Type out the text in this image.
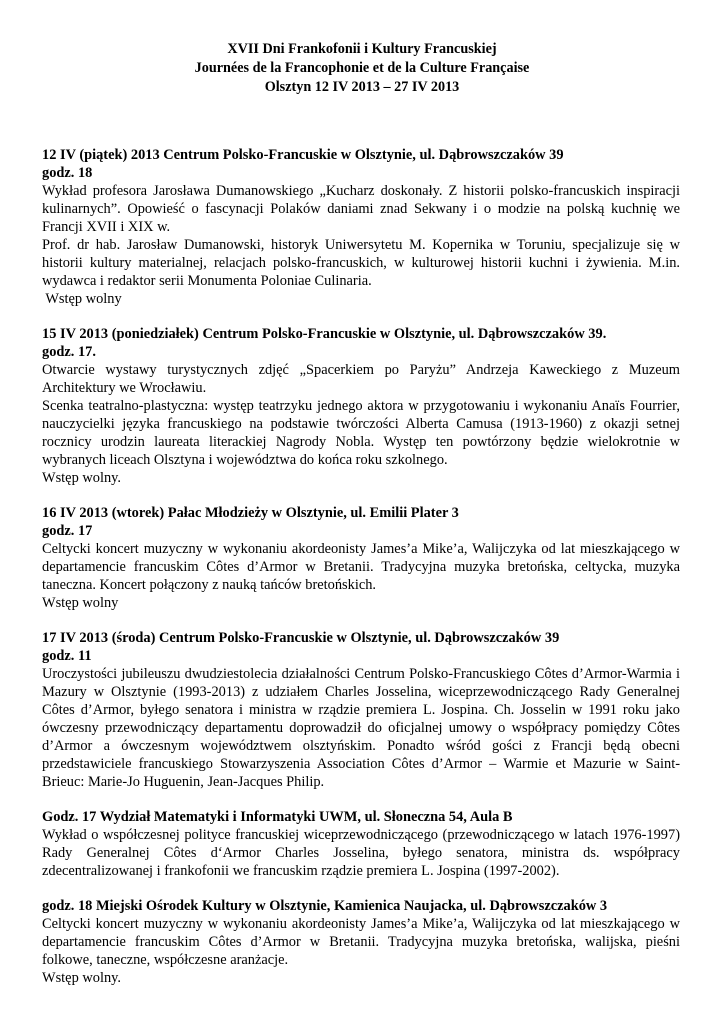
XVII Dni Frankofonii i Kultury Francuskiej
Journées de la Francophonie et de la Culture Française
Olsztyn 12 IV 2013 – 27 IV 2013
12 IV (piątek) 2013 Centrum Polsko-Francuskie w Olsztynie, ul. Dąbrowszczaków 39
godz. 18
Wykład profesora Jarosława Dumanowskiego „Kucharz doskonały. Z historii polsko-francuskich inspiracji kulinarnych”. Opowieść o fascynacji Polaków daniami znad Sekwany i o modzie na polską kuchnię we Francji XVII i XIX w.
Prof. dr hab. Jarosław Dumanowski, historyk Uniwersytetu M. Kopernika w Toruniu, specjalizuje się w historii kultury materialnej, relacjach polsko-francuskich, w kulturowej historii kuchni i żywienia. M.in. wydawca i redaktor serii Monumenta Poloniae Culinaria.
Wstęp wolny
15 IV 2013 (poniedziałek) Centrum Polsko-Francuskie w Olsztynie, ul. Dąbrowszczaków 39.
godz. 17.
Otwarcie wystawy turystycznych zdjęć „Spacerkiem po Paryżu” Andrzeja Kaweckiego z Muzeum Architektury we Wrocławiu.
Scenka teatralno-plastyczna: występ teatrzyku jednego aktora w przygotowaniu i wykonaniu Anaïs Fourrier, nauczycielki języka francuskiego na podstawie twórczości Alberta Camusa (1913-1960) z okazji setnej rocznicy urodzin laureata literackiej Nagrody Nobla. Występ ten powtórzony będzie wielokrotnie w wybranych liceach Olsztyna i województwa do końca roku szkolnego.
Wstęp wolny.
16 IV 2013 (wtorek) Pałac Młodzieży w Olsztynie, ul. Emilii Plater 3
godz. 17
Celtycki koncert muzyczny w wykonaniu akordeonisty James’a Mike’a, Walijczyka od lat mieszkającego w departamencie francuskim Côtes d’Armor w Bretanii. Tradycyjna muzyka bretońska, celtycka, muzyka taneczna. Koncert połączony z nauką tańców bretońskich.
Wstęp wolny
17 IV 2013 (środa) Centrum Polsko-Francuskie w Olsztynie, ul. Dąbrowszczaków 39
godz. 11
Uroczystości jubileuszu dwudziestolecia działalności Centrum Polsko-Francuskiego Côtes d’Armor-Warmia i Mazury w Olsztynie (1993-2013) z udziałem Charles Josselina, wiceprzewodniczącego Rady Generalnej Côtes d’Armor, byłego senatora i ministra w rządzie premiera L. Jospina. Ch. Josselin w 1991 roku jako ówczesny przewodniczący departamentu doprowadził do oficjalnej umowy o współpracy pomiędzy Côtes d’Armor a ówczesnym województwem olsztyńskim. Ponadto wśród gości z Francji będą obecni przedstawiciele francuskiego Stowarzyszenia Association Côtes d’Armor – Warmie et Mazurie w Saint-Brieuc: Marie-Jo Huguenin, Jean-Jacques Philip.
Godz. 17 Wydział Matematyki i Informatyki UWM, ul. Słoneczna 54, Aula B
Wykład o współczesnej polityce francuskiej wiceprzewodniczącego (przewodniczącego w latach 1976-1997) Rady Generalnej Côtes d‘Armor Charles Josselina, byłego senatora, ministra ds. współpracy zdecentralizowanej i frankofonii we francuskim rządzie premiera L. Jospina (1997-2002).
godz. 18 Miejski Ośrodek Kultury w Olsztynie, Kamienica Naujacka, ul. Dąbrowszczaków 3
Celtycki koncert muzyczny w wykonaniu akordeonisty James’a Mike’a, Walijczyka od lat mieszkającego w departamencie francuskim Côtes d’Armor w Bretanii. Tradycyjna muzyka bretońska, walijska, pieśni folkowe, taneczne, współczesne aranżacje.
Wstęp wolny.
